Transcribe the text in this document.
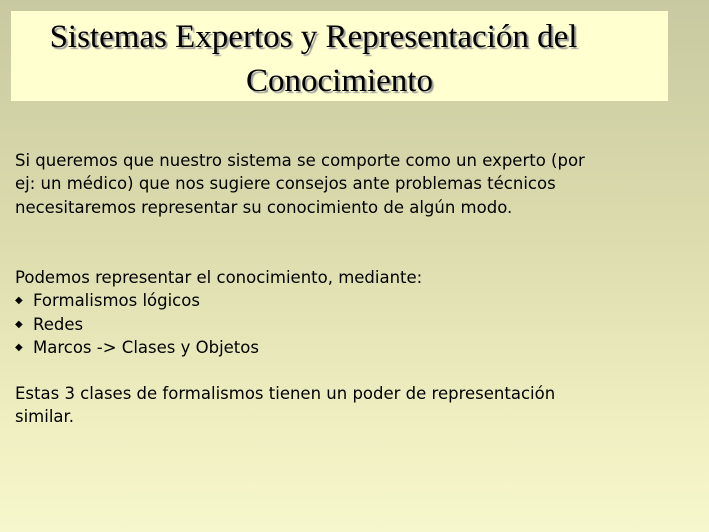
Sistemas Expertos y Representación del
Conocimiento
Si queremos que nuestro sistema se comporte como un experto (por
ej: un médico) que nos sugiere consejos ante problemas técnicos
necesitaremos representar su conocimiento de algún modo.
Podemos representar el conocimiento, mediante:
◆ Formalismos lógicos
◆ Redes
◆ Marcos -> Clases y Objetos
Estas 3 clases de formalismos tienen un poder de representación
similar.
